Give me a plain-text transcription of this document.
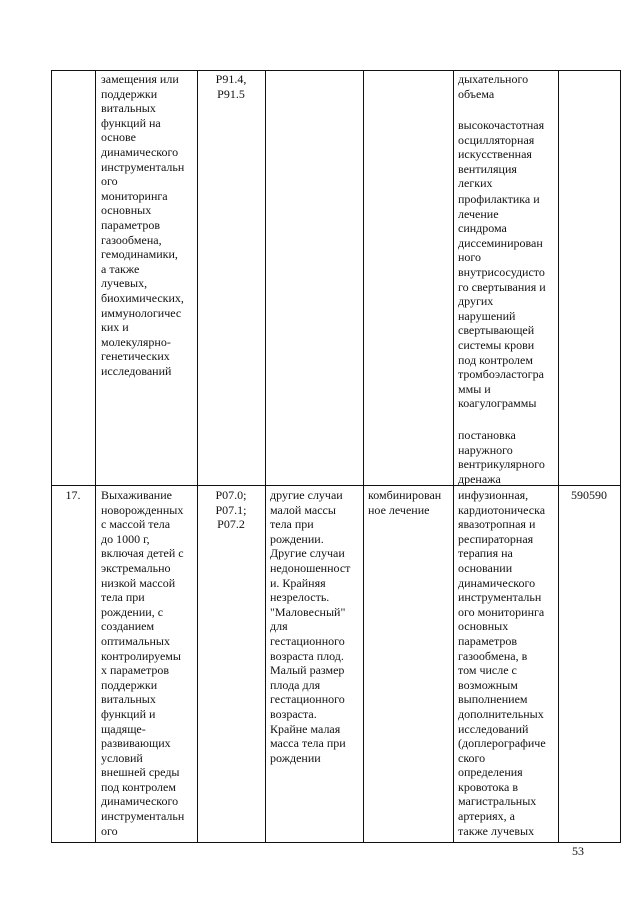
замещения или
поддержки
витальных
функций на
основе
динамического
инструментальн
ого
мониторинга
основных
параметров
газообмена,
гемодинамики,
а также
лучевых,
биохимических,
иммунологичес
ких и
молекулярно-
генетических
исследований
P91.4,
P91.5
дыхательного
объема
высокочастотная
осцилляторная
искусственная
вентиляция
легких
профилактика и
лечение
синдрома
диссеминирован
ного
внутрисосудисто
го свертывания и
других
нарушений
свертывающей
системы крови
под контролем
тромбоэластогра
ммы и
коагулограммы
постановка
наружного
вентрикулярного
дренажа
17.	Выхаживание
новорожденных
с массой тела
до 1000 г,
включая детей с
экстремально
низкой массой
тела при
рождении, с
созданием
оптимальных
контролируемы
х параметров
поддержки
витальных
функций и
щадяще-
развивающих
условий
внешней среды
под контролем
динамического
инструментальн
ого
P07.0;
P07.1;
P07.2
другие случаи
малой массы
тела при
рождении.
Другие случаи
недоношенност
и. Крайняя
незрелость.
"Маловесный"
для
гестационного
возраста плод.
Малый размер
плода для
гестационного
возраста.
Крайне малая
масса тела при
рождении
комбинирован
ное лечение
инфузионная,
кардиотоническа
явазотропная и
респираторная
терапия на
основании
динамического
инструментальн
ого мониторинга
основных
параметров
газообмена, в
том числе с
возможным
выполнением
дополнительных
исследований
(доплерографиче
ского
определения
кровотока в
магистральных
артериях, а
также лучевых
590590
53
